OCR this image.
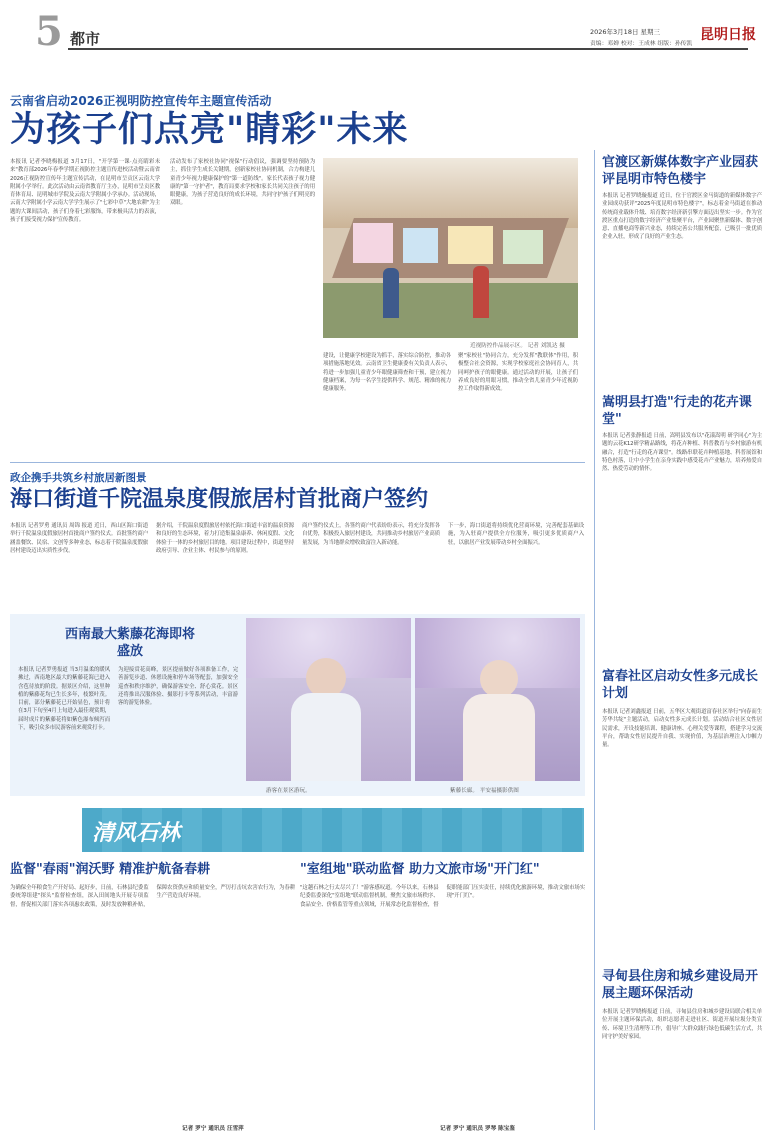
5 都市	2026年3月18日 星期三
责编：邓婵 校对：王成林 组版：孙传凯
昆明日报
云南省启动2026正视明防控宣传年主题宣传活动
为孩子们点亮"睛彩"未来
本报讯 记者李晓梅报道 3月17日，"开学第一课·点亮睛彩未来"教育部2026年春季学期正视防控主题宣传进校活动暨云南省2026正视防控宣传年主题宣传活动，在昆明市呈贡区云南大学附属小学举行。此次活动由云南省教育厅主办，昆明市呈贡区教育体育局、昆明城市学院及云南大学附属小学承办。活动现场，云南大学附属小学云南大学学生展示了"七彩中草"大地农耕"为主题的大课间活动，孩子们身着七彩服饰，带来极具活力的表演，孩子们接受视力保护宣传教育。
活动发布了家校社协同"视保"行动倡议，强调要坚持预防为主，抓住学生成长关键期，创新家校社协同机制，合力构建儿童青少年视力健康保护的"第一道防线"。家长代表孩子视力健康的"第一守护者"，教育局要求学校和家长共同关注孩子的用眼健康，为孩子营造良好的成长环境，共同守护孩子们明亮的双眼。
近视防控作品展示区。 记者 刘凯达 摄
建设，让健康学校建设为抓手，落实综合防控，推动各项措施落地见效。云南省卫生健康委有关负责人表示，将进一步加强儿童青少年眼健康筛查和干预，建立视力健康档案，为每一名学生提供科学、规范、精准的视力健康服务。
聚"家校社"协同合力，充分发挥"教联体"作用，积极整合社会资源，实现学校家庭社会协同育人，共同呵护孩子的眼健康。通过活动的开展，让孩子们养成良好的用眼习惯，推动全省儿童青少年近视防控工作取得新成效。
政企携手共筑乡村旅居新图景
海口街道千院温泉度假旅居村首批商户签约
本报讯 记者罗勇 通讯员 周锦 报道 近日，西山区海口街道举行千院温泉度假旅居村首批商户签约仪式。首批签约商户涵盖餐饮、民宿、文创等多种业态，标志着千院温泉度假旅居村建设迈出实质性步伐。
据介绍，千院温泉度假旅居村依托海口街道丰富的温泉资源和良好的生态环境，着力打造集温泉康养、休闲度假、文化体验于一体的乡村旅居目的地。项目建设过程中，街道坚持政府引导、企业主体、村民参与的原则。
商户签约仪式上，各签约商户代表纷纷表示，将充分发挥各自优势，积极投入旅居村建设，共同推动乡村旅居产业高质量发展，为当地群众增收致富注入新动能。
下一步，海口街道将持续优化营商环境，完善配套基础设施，为入驻商户提供全方位服务，吸引更多优质商户入驻，以旅居产业发展带动乡村全面振兴。
西南最大紫藤花海即将盛放
本报讯 记者罗勇报道 当3月温柔的暖风拂过，西南地区最大的紫藤花海已进入含苞待放的阶段。据景区介绍，这里种植的紫藤花均已生长多年，枝繁叶茂。目前，部分紫藤花已开始显色，预计将在3月下旬至4月上旬进入最佳观赏期，届时成片的紫藤花将如紫色瀑布倾泻而下，吸引众多市民游客前来观赏打卡。
为迎接赏花高峰，景区提前做好各项准备工作，完善游览步道、休憩设施和停车场等配套，加强安全巡查和秩序维护，确保游客安全、舒心赏花。景区还将推出汉服体验、摄影打卡等系列活动，丰富游客的游览体验。
游客在景区游玩。	紫藤长廊。 平安福摄影供图
清风石林
监督"春雨"润沃野 精准护航备春耕
为确保全年粮食生产开好局、起好步，日前，石林县纪委监委统筹组建"探头"监督检查组，深入田间地头开展专项监督，督促相关部门落实各项惠农政策，及时发放种粮补贴，保障农资供应和质量安全，严厉打击坑农害农行为，为春耕生产营造良好环境。
记者 罗宁 通讯员 汪雪萍
"室组地"联动监督 助力文旅市场"开门红"
"这趟石林之行太尽兴了！"游客感叹道。今年以来，石林县纪委监委深化"室组地"联动监督机制，聚焦文旅市场秩序、食品安全、价格监管等重点领域，开展常态化监督检查，督促职能部门压实责任，持续优化旅游环境，推动文旅市场实现"开门红"。
记者 罗宁 通讯员 罗琴 陈宝鉴
官渡区新媒体数字产业园获评昆明市特色楼宇
本报讯 记者罗晓璇报道 近日，位于官渡区金马街道的新媒体数字产业园成功获评"2025年度昆明市特色楼宇"，标志着金马街道在推动传统商业载体升级、培育数字经济新引擎方面迈出坚实一步。作为官渡区重点打造的数字经济产业集聚平台，产业园聚焦新媒体、数字创意、直播电商等新兴业态，持续完善公共服务配套，已吸引一批优质企业入驻，形成了良好的产业生态。
嵩明县打造"行走的花卉课堂"
本报讯 记者张静报道 日前，嵩明县发布以"花漾嵩明 研学同心"为主题的云花K12研学精品路线，将花卉种植、科普教育与乡村旅游有机融合，打造"行走的花卉课堂"。线路串联花卉种植基地、科普展馆和特色村落，让中小学生在亲身实践中感受花卉产业魅力，培养热爱自然、热爱劳动的情怀。
富春社区启动女性多元成长计划
本报讯 记者刘鑫报道 日前，五华区大观街道富春社区举行"向春而生 芳华共绽"主题活动，启动女性多元成长计划。活动结合社区女性居民需求，开设技能培训、健康讲座、心理关爱等课程，搭建学习交流平台，帮助女性居民提升自我、实现价值，为基层治理注入巾帼力量。
寻甸县住房和城乡建设局开展主题环保活动
本报讯 记者罗晓梅报道 日前，寻甸县住房和城乡建设局联合相关单位开展主题环保活动，组织志愿者走进社区、街道开展垃圾分类宣传、环境卫生清理等工作，倡导广大群众践行绿色低碳生活方式，共同守护美好家园。
